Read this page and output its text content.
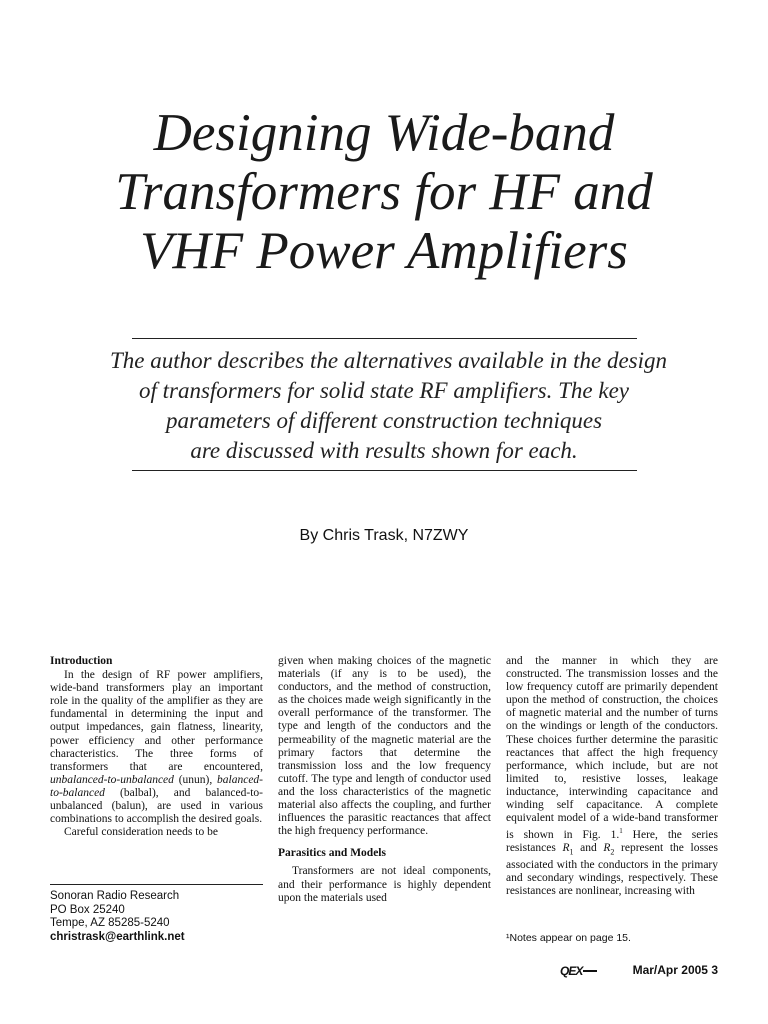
Designing Wide-band
Transformers for HF and
VHF Power Amplifiers
The author describes the alternatives available in the design
of transformers for solid state RF amplifiers. The key
parameters of different construction techniques
are discussed with results shown for each.
By Chris Trask, N7ZWY
Introduction

In the design of RF power amplifiers, wide-band transformers play an important role in the quality of the amplifier as they are fundamental in determining the input and output impedances, gain flatness, linearity, power efficiency and other performance characteristics. The three forms of transformers that are encountered, unbalanced-to-unbalanced (unun), balanced-to-balanced (balbal), and balanced-to-unbalanced (balun), are used in various combinations to accomplish the desired goals.

Careful consideration needs to be

Sonoran Radio Research
PO Box 25240
Tempe, AZ 85285-5240
christrask@earthlink.net

given when making choices of the magnetic materials (if any is to be used), the conductors, and the method of construction, as the choices made weigh significantly in the overall performance of the transformer. The type and length of the conductors and the permeability of the magnetic material are the primary factors that determine the transmission loss and the low frequency cutoff. The type and length of conductor used and the loss characteristics of the magnetic material also affects the coupling, and further influences the parasitic reactances that affect the high frequency performance.

Parasitics and Models

Transformers are not ideal components, and their performance is highly dependent upon the materials used

and the manner in which they are constructed. The transmission losses and the low frequency cutoff are primarily dependent upon the method of construction, the choices of magnetic material and the number of turns on the windings or length of the conductors. These choices further determine the parasitic reactances that affect the high frequency performance, which include, but are not limited to, resistive losses, leakage inductance, interwinding capacitance and winding self capacitance. A complete equivalent model of a wide-band transformer is shown in Fig. 1.$^1$ Here, the series resistances $R_1$ and $R_2$ represent the losses associated with the conductors in the primary and secondary windings, respectively. These resistances are nonlinear, increasing with

¹Notes appear on page 15.
QEX	Mar/Apr 2005 3
